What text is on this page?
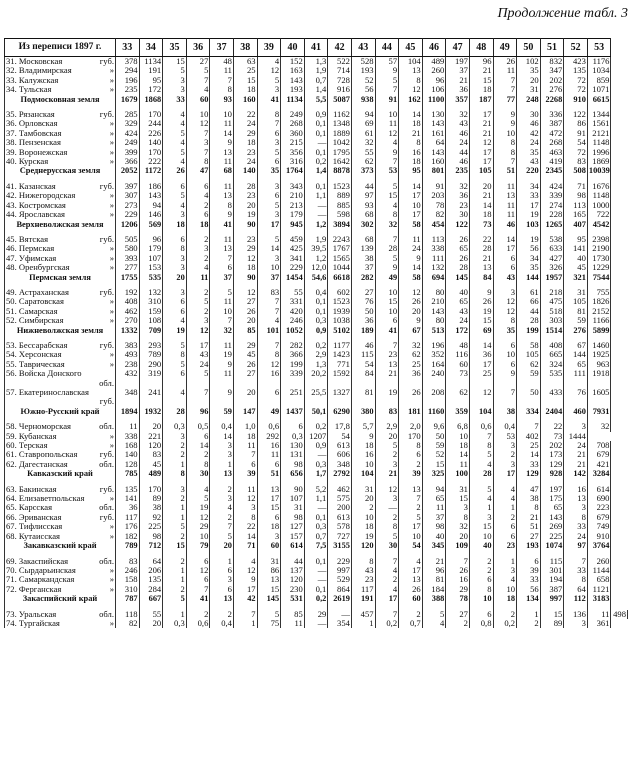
Продолжение табл. 3
Из переписи 1897 г.	33	34	35	36	37	38	39	40	41	42	43	44	45	46	47	48	49	50	51	52	53	

31. Московская губ.	378	1134	15	27	48	63	4	152	1,3	522	528	57	104	489	197	96	26	102	832	423	1176	

32. Владимирская »	294	191	5	5	11	25	12	163	1,9	714	193	9	13	260	37	21	11	35	347	135	1034	

33. Калужская »	196	95	3	7	7	15	5	143	0,7	728	52	5	8	96	21	15	7	20	202	72	859	

34. Тульская »	235	172	3	4	8	18	3	193	1,4	916	56	7	12	106	36	18	7	31	276	72	1071	
Подмосковная земля	1679	1868	33	60	93	160	41	1134	5,5	5087	938	91	162	1100	357	187	77	248	2268	910	6615	

35. Рязанская губ.	285	170	4	10	10	22	8	249	0,9	1162	94	10	14	130	32	17	9	30	336	122	1344	

36. Орловская »	329	244	4	12	11	24	7	268	0,1	1348	69	11	18	143	43	21	9	46	387	86	1561	

37. Тамбовская »	424	226	5	7	14	29	6	360	0,1	1889	61	12	21	161	46	21	10	42	472	91	2121	

38. Пензенская »	249	140	4	3	9	18	3	215	—	1042	32	4	8	64	24	12	8	24	268	54	1148	

39. Воронежская »	399	170	5	7	13	23	5	356	0,1	1795	55	9	16	143	44	17	8	35	463	72	1996	

40. Курская »	366	222	4	8	11	24	6	316	0,2	1642	62	7	18	160	46	17	7	43	419	83	1869	
Среднерусская земля	2052	1172	26	47	68	140	35	1764	1,4	8878	373	53	95	801	235	105	51	220	2345	508	10039	

41. Казанская губ.	397	186	6	6	11	28	3	343	0,1	1523	44	5	14	91	32	20	11	34	424	71	1676	

42. Нижегородская »	307	143	5	4	13	23	6	210	1,1	889	97	15	17	203	36	21	13	33	339	98	1148	

43. Костромская »	273	94	4	2	8	20	5	213	—	885	93	4	10	78	23	14	11	17	274	113	1000	

44. Ярославская »	229	146	3	6	9	19	3	179	—	598	68	8	17	82	30	18	11	19	228	165	722	
Верхневолжская земля	1206	569	18	18	41	90	17	945	1,2	3894	302	32	58	454	122	73	46	103	1265	407	4542	

45. Вятская губ.	505	96	6	2	11	23	5	459	1,9	2243	68	7	11	113	26	22	14	19	538	95	2398	

46. Пермская »	580	179	8	3	13	29	14	425	39,5	1767	139	28	24	338	65	28	17	56	633	141	2190	

47. Уфимская »	393	107	3	2	7	12	3	341	1,2	1565	38	5	9	111	26	21	6	34	427	40	1730	

48. Оренбургская »	277	153	3	4	6	18	10	229	12,0	1044	37	9	14	132	28	13	6	35	326	45	1229	
Пермская земля	1755	535	20	11	37	90	37	1454	54,6	6618	282	49	58	694	145	84	43	144	1957	321	7544	

49. Астраханская губ.	192	132	3	2	5	12	83	55	0,4	602	27	10	12	80	40	9	3	61	218	31	755	

50. Саратовская »	408	310	6	5	11	27	7	331	0,1	1523	76	15	26	210	65	26	12	66	475	105	1826	

51. Самарская »	462	159	6	2	10	26	7	420	0,1	1939	50	10	20	143	43	19	12	44	518	81	2152	

52. Симбирская »	270	108	4	3	7	20	4	246	0,3	1038	36	6	9	80	24	15	8	28	303	59	1166	
Нижневолжская земля	1332	709	19	12	32	85	101	1052	0,9	5102	189	41	67	513	172	69	35	199	1514	276	5899	

53. Бессарабская губ.	383	293	5	17	11	29	7	282	0,2	1177	46	7	32	196	48	14	6	58	408	67	1460	

54. Херсонская »	493	789	8	43	19	45	8	366	2,9	1423	115	23	62	352	116	36	10	105	665	144	1925	

55. Таврическая »	238	290	5	24	9	26	12	199	1,3	771	54	13	25	164	60	17	6	62	324	65	963	

56. Войска Донского	432	319	6	5	11	27	16	339	20,2	1592	84	21	36	240	73	25	9	59	535	111	1918	
обл.																						

57. Екатеринославская	348	241	4	7	9	20	6	251	25,5	1327	81	19	26	208	62	12	7	50	433	76	1605	
губ.																						
Южно-Русский край	1894	1932	28	96	59	147	49	1437	50,1	6290	380	83	181	1160	359	104	38	334	2404	460	7931	

58. Черноморская обл.	11	20	0,3	0,5	0,4	1,0	0,6	6	0,2	17,8	5,7	2,9	2,0	9,6	6,8	0,6	0,4	7	22	3	32	

59. Кубанская »	338	221	3	6	14	18	292	0,3	1207	54	9	20	170	50	10	7	53	402	73	1444		

60. Терская »	168	120	2	14	3	11	16	130	0,9	613	18	5	8	59	18	8	3	25	202	24	708	

61. Ставропольская губ.	140	83	2	2	3	7	11	131	—	606	16	2	6	52	14	5	2	14	173	21	679	

62. Дагестанская обл.	128	45	1	8	1	6	6	98	0,3	348	10	3	2	15	11	4	3	33	129	21	421	
Кавказский край	785	489	8	30	13	39	51	656	1,7	2792	104	21	39	325	100	28	17	129	928	142	3284	

63. Бакинская губ.	135	170	3	4	2	11	13	90	5,2	462	31	12	13	94	31	5	4	47	197	16	614	

64. Елизаветпольская »	141	89	2	5	3	12	17	107	1,1	575	20	3	7	65	15	4	4	38	175	13	690	

65. Карсская обл.	36	38	1	19	4	3	15	31	—	200	2	—	2	11	3	1	1	8	65	3	223	

66. Эриванская губ.	117	92	1	12	2	8	6	98	0,1	613	10	2	5	37	8	3	2	21	143	8	679	

67. Тифлисская »	176	225	5	29	7	22	18	127	0,3	578	18	8	17	98	32	15	6	51	269	33	749	

68. Кутаисская »	182	98	2	10	5	14	3	157	0,7	727	19	5	10	40	20	10	6	27	225	24	910	
Закавказский край	789	712	15	79	20	71	60	614	7,5	3155	120	30	54	345	109	40	23	193	1074	97	3764	

69. Закаспийская обл.	83	64	2	6	1	4	31	44	0,1	229	8	7	4	21	7	2	1	6	115	7	260	

70. Сырдарьинская »	246	206	1	12	6	12	86	137	—	997	43	4	17	96	26	2	3	39	301	33	1144	

71. Самаркандская »	158	135	1	6	3	9	13	120	—	529	23	2	13	81	16	6	4	33	194	8	658	

72. Ферганская »	310	284	2	7	6	17	15	230	0,1	864	117	4	26	184	29	8	10	56	387	64	1121	
Закаспийский край	787	667	5	41	13	42	145	531	0,2	2619	191	17	60	388	78	10	18	134	997	112	3183	

73. Уральская обл.	118	55	1	2	2	7	5	85	29	—	457	7	2	5	27	6	2	1	15	136	11	498

74. Тургайская »	82	20	0,3	0,6	0,4	1	75	11	—	354	1	0,2	0,7	4	2	0,8	0,2	2	89	3	361	
